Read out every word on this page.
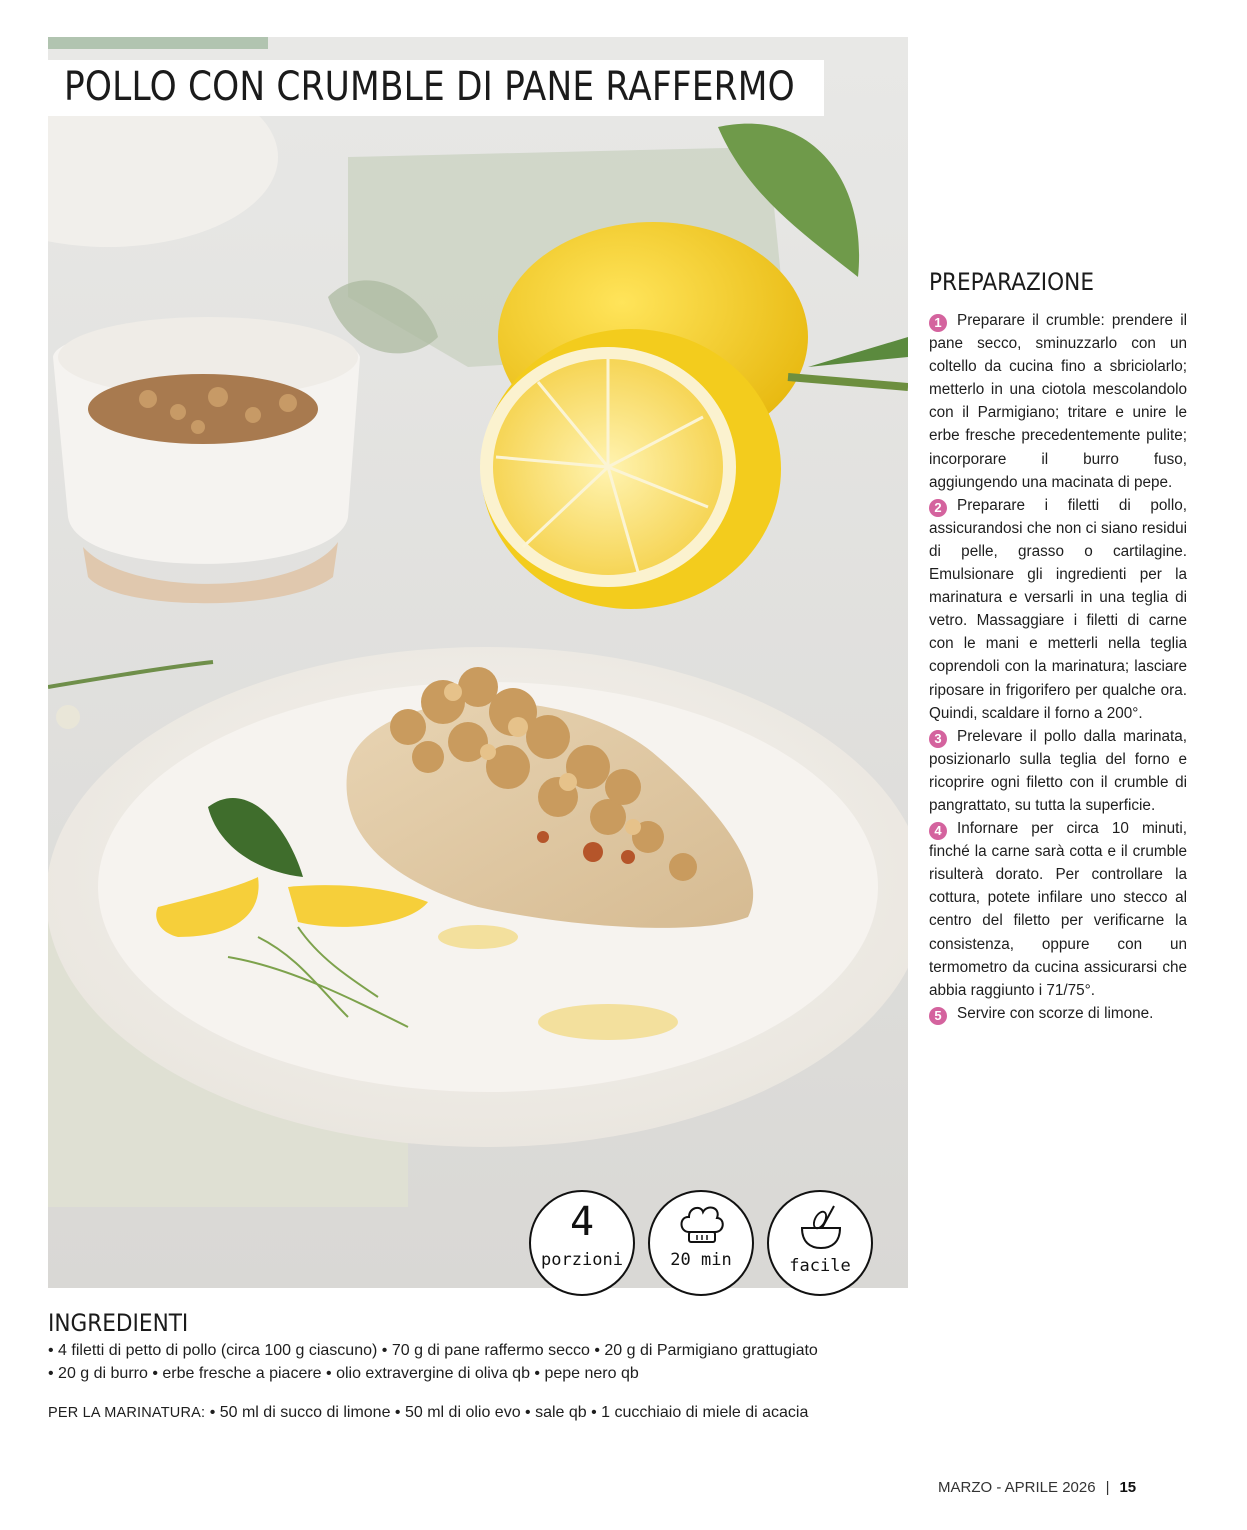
POLLO CON CRUMBLE DI PANE RAFFERMO
4
porzioni	20 min	facile
PREPARAZIONE

1 Preparare il crumble: prendere il pane secco, sminuzzarlo con un coltello da cucina fino a sbriciolarlo; metterlo in una ciotola mescolandolo con il Parmigiano; tritare e unire le erbe fresche precedentemente pulite; incorporare il burro fuso, aggiungendo una macinata di pepe.

2 Preparare i filetti di pollo, assicurandosi che non ci siano residui di pelle, grasso o cartilagine. Emulsionare gli ingredienti per la marinatura e versarli in una teglia di vetro. Massaggiare i filetti di carne con le mani e metterli nella teglia coprendoli con la marinatura; lasciare riposare in frigorifero per qualche ora. Quindi, scaldare il forno a 200°.

3 Prelevare il pollo dalla marinata, posizionarlo sulla teglia del forno e ricoprire ogni filetto con il crumble di pangrattato, su tutta la superficie.

4 Infornare per circa 10 minuti, finché la carne sarà cotta e il crumble risulterà dorato. Per controllare la cottura, potete infilare uno stecco al centro del filetto per verificarne la consistenza, oppure con un termometro da cucina assicurarsi che abbia raggiunto i 71/75°.

5 Servire con scorze di limone.

INGREDIENTI
• 4 filetti di petto di pollo (circa 100 g ciascuno) • 70 g di pane raffermo secco • 20 g di Parmigiano grattugiato
• 20 g di burro • erbe fresche a piacere • olio extravergine di oliva qb • pepe nero qb
PER LA MARINATURA: • 50 ml di succo di limone • 50 ml di olio evo • sale qb • 1 cucchiaio di miele di acacia
MARZO - APRILE 2026 | 15
